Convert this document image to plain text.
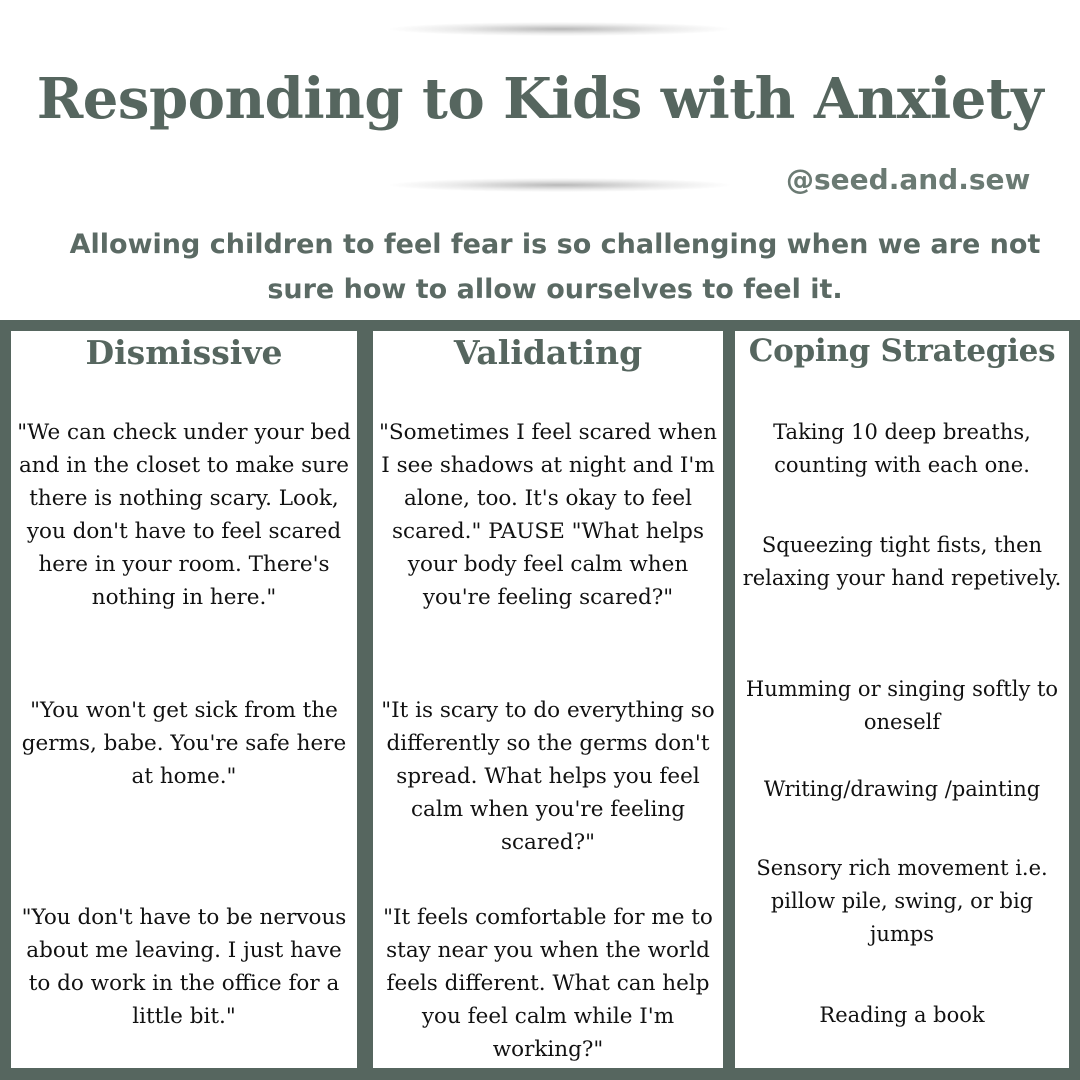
Responding to Kids with Anxiety
@seed.and.sew
Allowing children to feel fear is so challenging when we are not sure how to allow ourselves to feel it.
Dismissive
"We can check under your bed and in the closet to make sure there is nothing scary. Look, you don't have to feel scared here in your room. There's nothing in here."
"You won't get sick from the germs, babe. You're safe here at home."
"You don't have to be nervous about me leaving. I just have to do work in the office for a little bit."
Validating
"Sometimes I feel scared when I see shadows at night and I'm alone, too. It's okay to feel scared." PAUSE "What helps your body feel calm when you're feeling scared?"
"It is scary to do everything so differently so the germs don't spread. What helps you feel calm when you're feeling scared?"
"It feels comfortable for me to stay near you when the world feels different. What can help you feel calm while I'm working?"
Coping Strategies
Taking 10 deep breaths, counting with each one.
Squeezing tight fists, then relaxing your hand repetively.
Humming or singing softly to oneself
Writing/drawing /painting
Sensory rich movement i.e. pillow pile, swing, or big jumps
Reading a book
